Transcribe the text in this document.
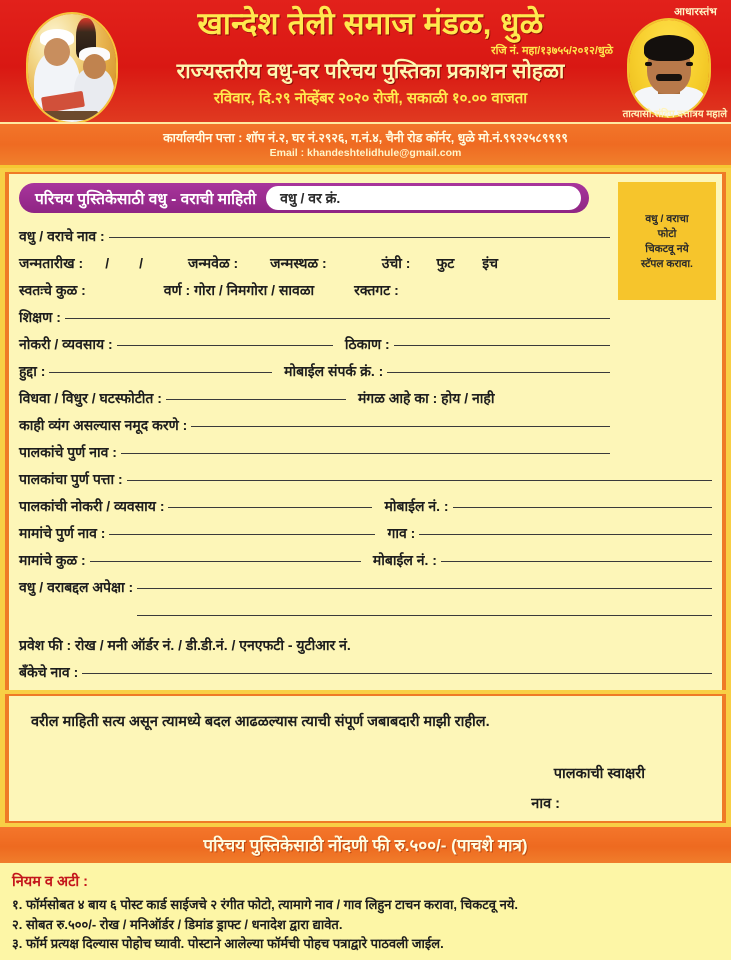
आधारस्तंभ
खान्देश तेली समाज मंडळ, धुळे
रजि नं. महा/१३७५५/२०१२/धुळे
राज्यस्तरीय वधु-वर परिचय पुस्तिका प्रकाशन सोहळा
रविवार, दि.२९ नोव्हेंबर २०२० रोजी, सकाळी १०.०० वाजता
तात्यासो.संदिप दत्तात्रय महाले
कार्यालयीन पत्ता : शॉप नं.२, घर नं.२९२६, ग.नं.४, चैनी रोड कॉर्नर, धुळे मो.नं.९९२२५८९९९९
Email : khandeshtelidhule@gmail.com
वधु / वराचा
फोटो
चिकटवू नये
स्टॅपल करावा.
परिचय पुस्तिकेसाठी वधु - वराची माहिती वधु / वर क्रं.
वधु / वराचे नाव :
जन्मतारीख :	/	/	जन्मवेळ :	जन्मस्थळ :	उंची :	फुट	इंच
स्वतःचे कुळ :	वर्ण : गोरा / निमगोरा / सावळा	रक्तगट :
शिक्षण :
नोकरी / व्यवसाय :	ठिकाण :
हुद्दा :	मोबाईल संपर्क क्रं. :
विधवा / विधुर / घटस्फोटीत :	मंगळ आहे का : होय / नाही
काही व्यंग असल्यास नमूद करणे :
पालकांचे पुर्ण नाव :
पालकांचा पुर्ण पत्ता :
पालकांची नोकरी / व्यवसाय :	मोबाईल नं. :
मामांचे पुर्ण नाव :	गाव :
मामांचे कुळ :	मोबाईल नं. :
वधु / वराबद्दल अपेक्षा :
प्रवेश फी : रोख / मनी ऑर्डर नं. / डी.डी.नं. / एनएफटी - युटीआर नं.
बँकेचे नाव :
वरील माहिती सत्य असून त्यामध्ये बदल आढळल्यास त्याची संपूर्ण जबाबदारी माझी राहील.
पालकाची स्वाक्षरी
नाव :
परिचय पुस्तिकेसाठी नोंदणी फी रु.५००/- (पाचशे मात्र)
नियम व अटी :
१. फॉर्मसोबत ४ बाय ६ पोस्ट कार्ड साईजचे २ रंगीत फोटो, त्यामागे नाव / गाव लिहुन टाचन करावा, चिकटवू नये.
२. सोबत रु.५००/- रोख / मनिऑर्डर / डिमांड ड्राफ्ट / धनादेश द्वारा द्यावेत.
३. फॉर्म प्रत्यक्ष दिल्यास पोहोच घ्यावी. पोस्टाने आलेल्या फॉर्मची पोहच पत्राद्वारे पाठवली जाईल.
